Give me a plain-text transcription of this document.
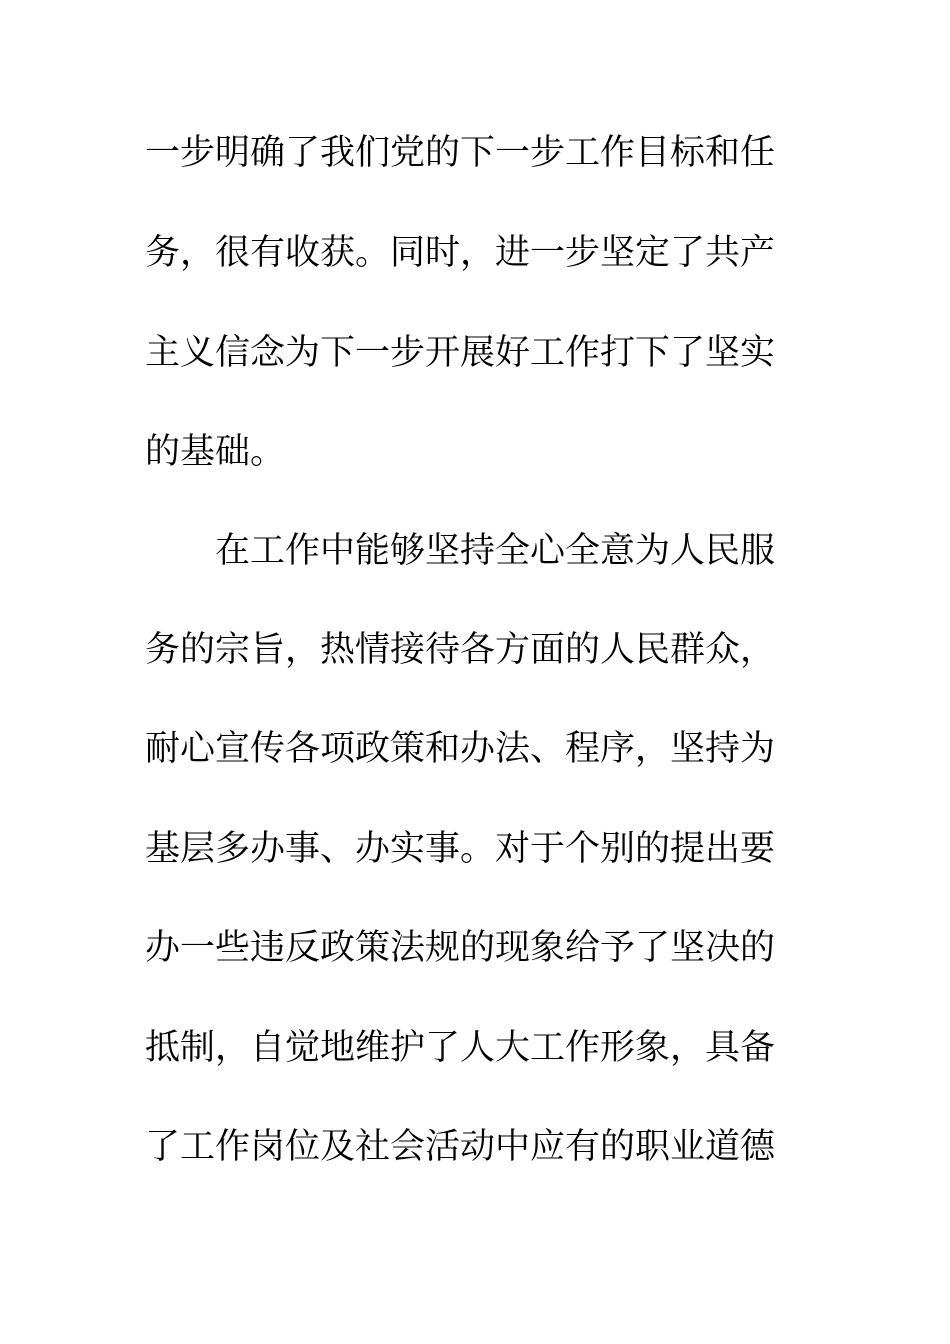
一步明确了我们党的下一步工作目标和任
务，很有收获。同时，进一步坚定了共产
主义信念为下一步开展好工作打下了坚实
的基础。
在工作中能够坚持全心全意为人民服
务的宗旨，热情接待各方面的人民群众，
耐心宣传各项政策和办法、程序，坚持为
基层多办事、办实事。对于个别的提出要
办一些违反政策法规的现象给予了坚决的
抵制，自觉地维护了人大工作形象，具备
了工作岗位及社会活动中应有的职业道德
